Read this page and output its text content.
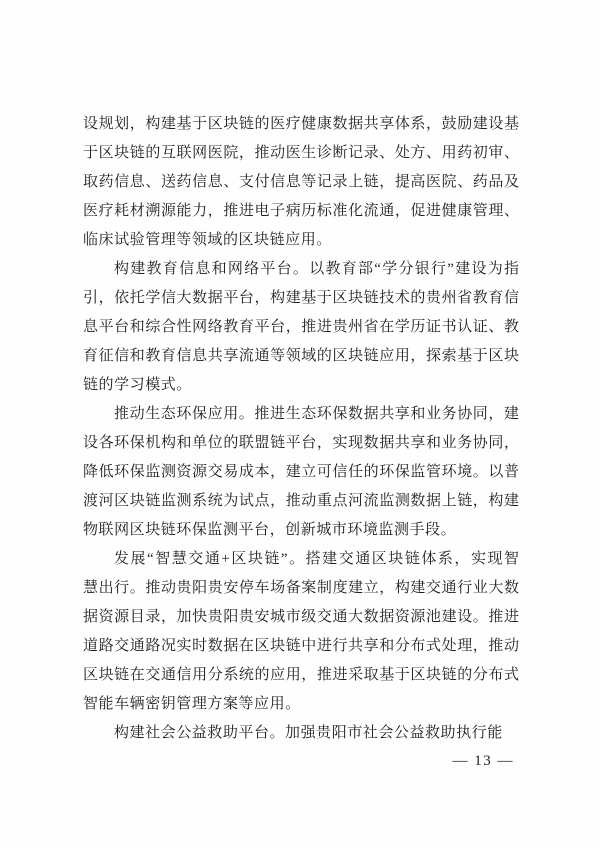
设规划，构建基于区块链的医疗健康数据共享体系，鼓励建设基
于区块链的互联网医院，推动医生诊断记录、处方、用药初审、
取药信息、送药信息、支付信息等记录上链，提高医院、药品及
医疗耗材溯源能力，推进电子病历标准化流通，促进健康管理、
临床试验管理等领域的区块链应用。
构建教育信息和网络平台。以教育部“学分银行”建设为指
引，依托学信大数据平台，构建基于区块链技术的贵州省教育信
息平台和综合性网络教育平台，推进贵州省在学历证书认证、教
育征信和教育信息共享流通等领域的区块链应用，探索基于区块
链的学习模式。
推动生态环保应用。推进生态环保数据共享和业务协同，建
设各环保机构和单位的联盟链平台，实现数据共享和业务协同，
降低环保监测资源交易成本，建立可信任的环保监管环境。以普
渡河区块链监测系统为试点，推动重点河流监测数据上链，构建
物联网区块链环保监测平台，创新城市环境监测手段。
发展“智慧交通+区块链”。搭建交通区块链体系，实现智
慧出行。推动贵阳贵安停车场备案制度建立，构建交通行业大数
据资源目录，加快贵阳贵安城市级交通大数据资源池建设。推进
道路交通路况实时数据在区块链中进行共享和分布式处理，推动
区块链在交通信用分系统的应用，推进采取基于区块链的分布式
智能车辆密钥管理方案等应用。
构建社会公益救助平台。加强贵阳市社会公益救助执行能
— 13 —
